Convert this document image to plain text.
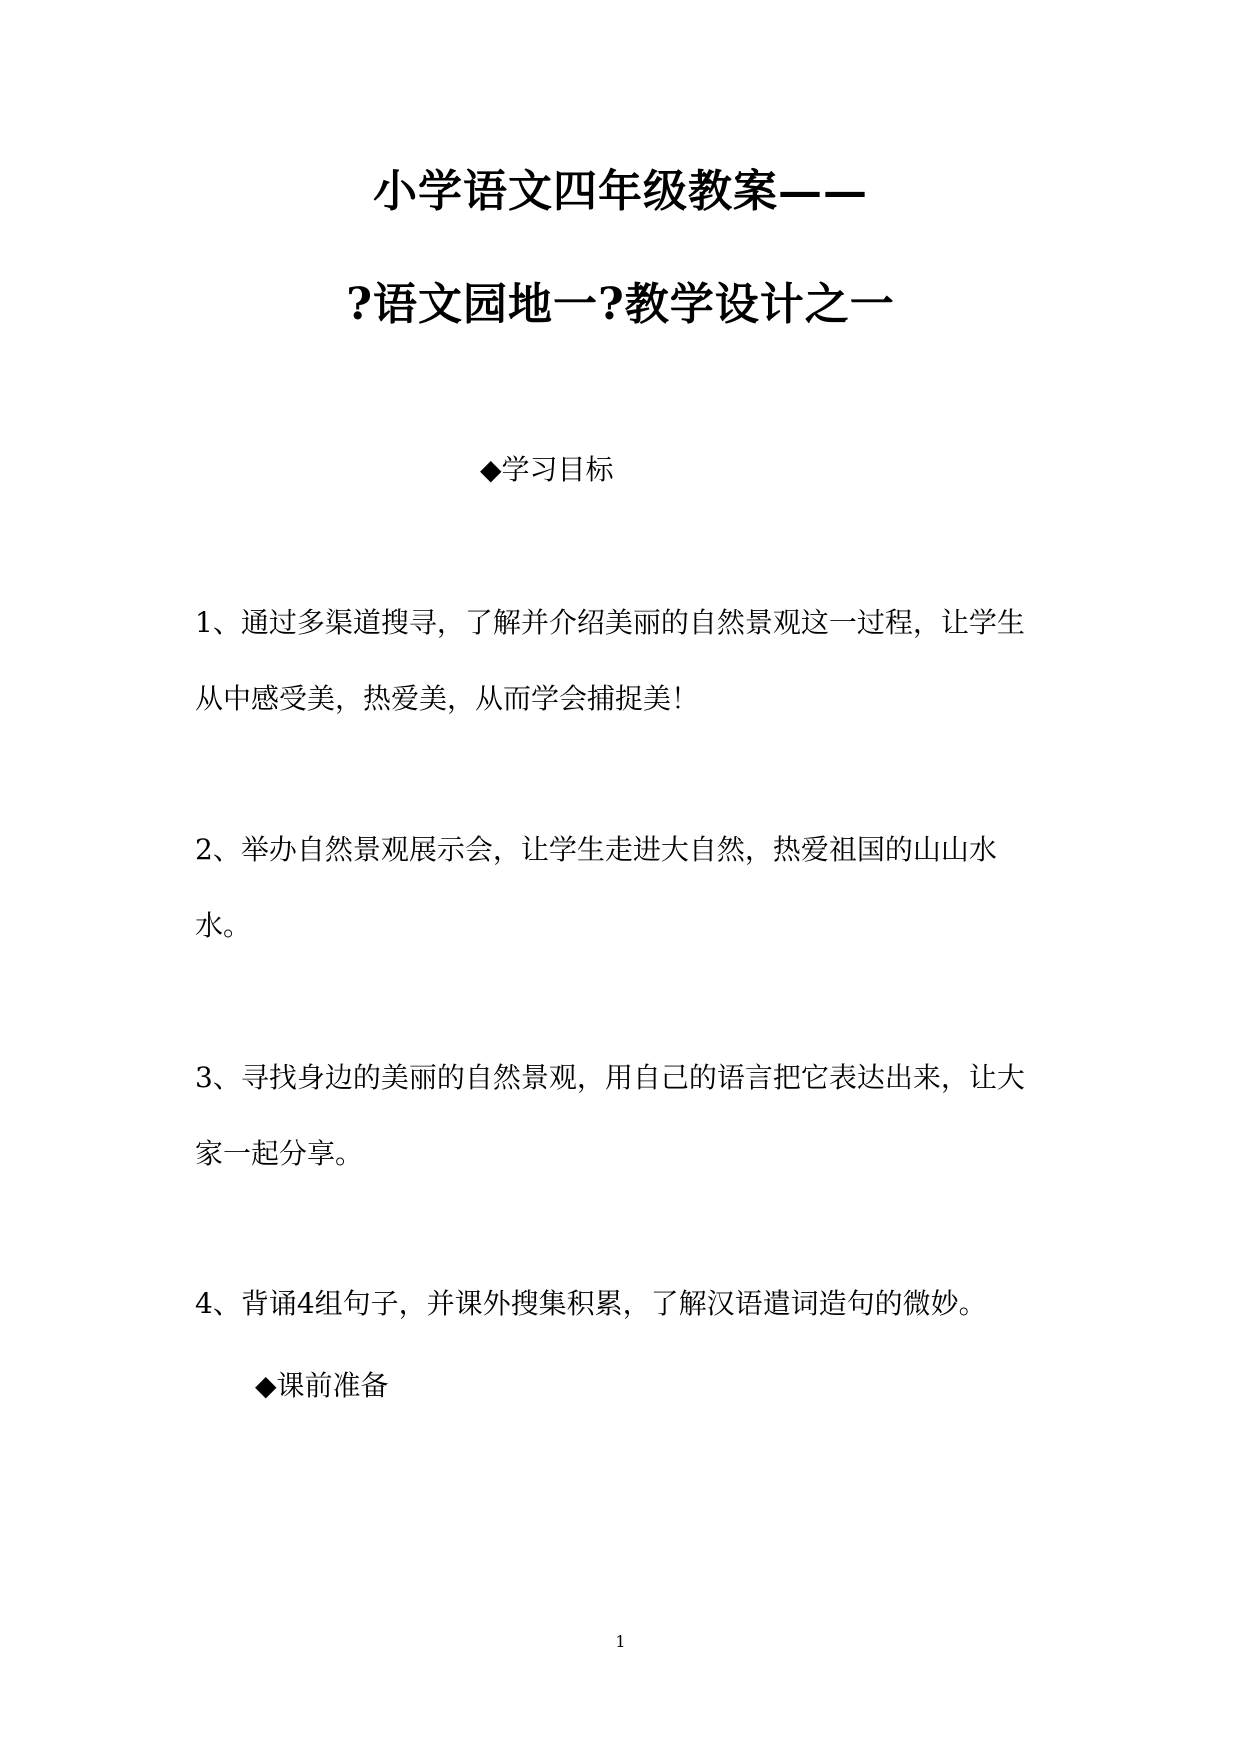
小学语文四年级教案——
?语文园地一?教学设计之一
◆学习目标
1、通过多渠道搜寻，了解并介绍美丽的自然景观这一过程，让学生从中感受美，热爱美，从而学会捕捉美！
2、举办自然景观展示会，让学生走进大自然，热爱祖国的山山水水。
3、寻找身边的美丽的自然景观，用自己的语言把它表达出来，让大家一起分享。
4、背诵4组句子，并课外搜集积累，了解汉语遣词造句的微妙。
◆课前准备
1
